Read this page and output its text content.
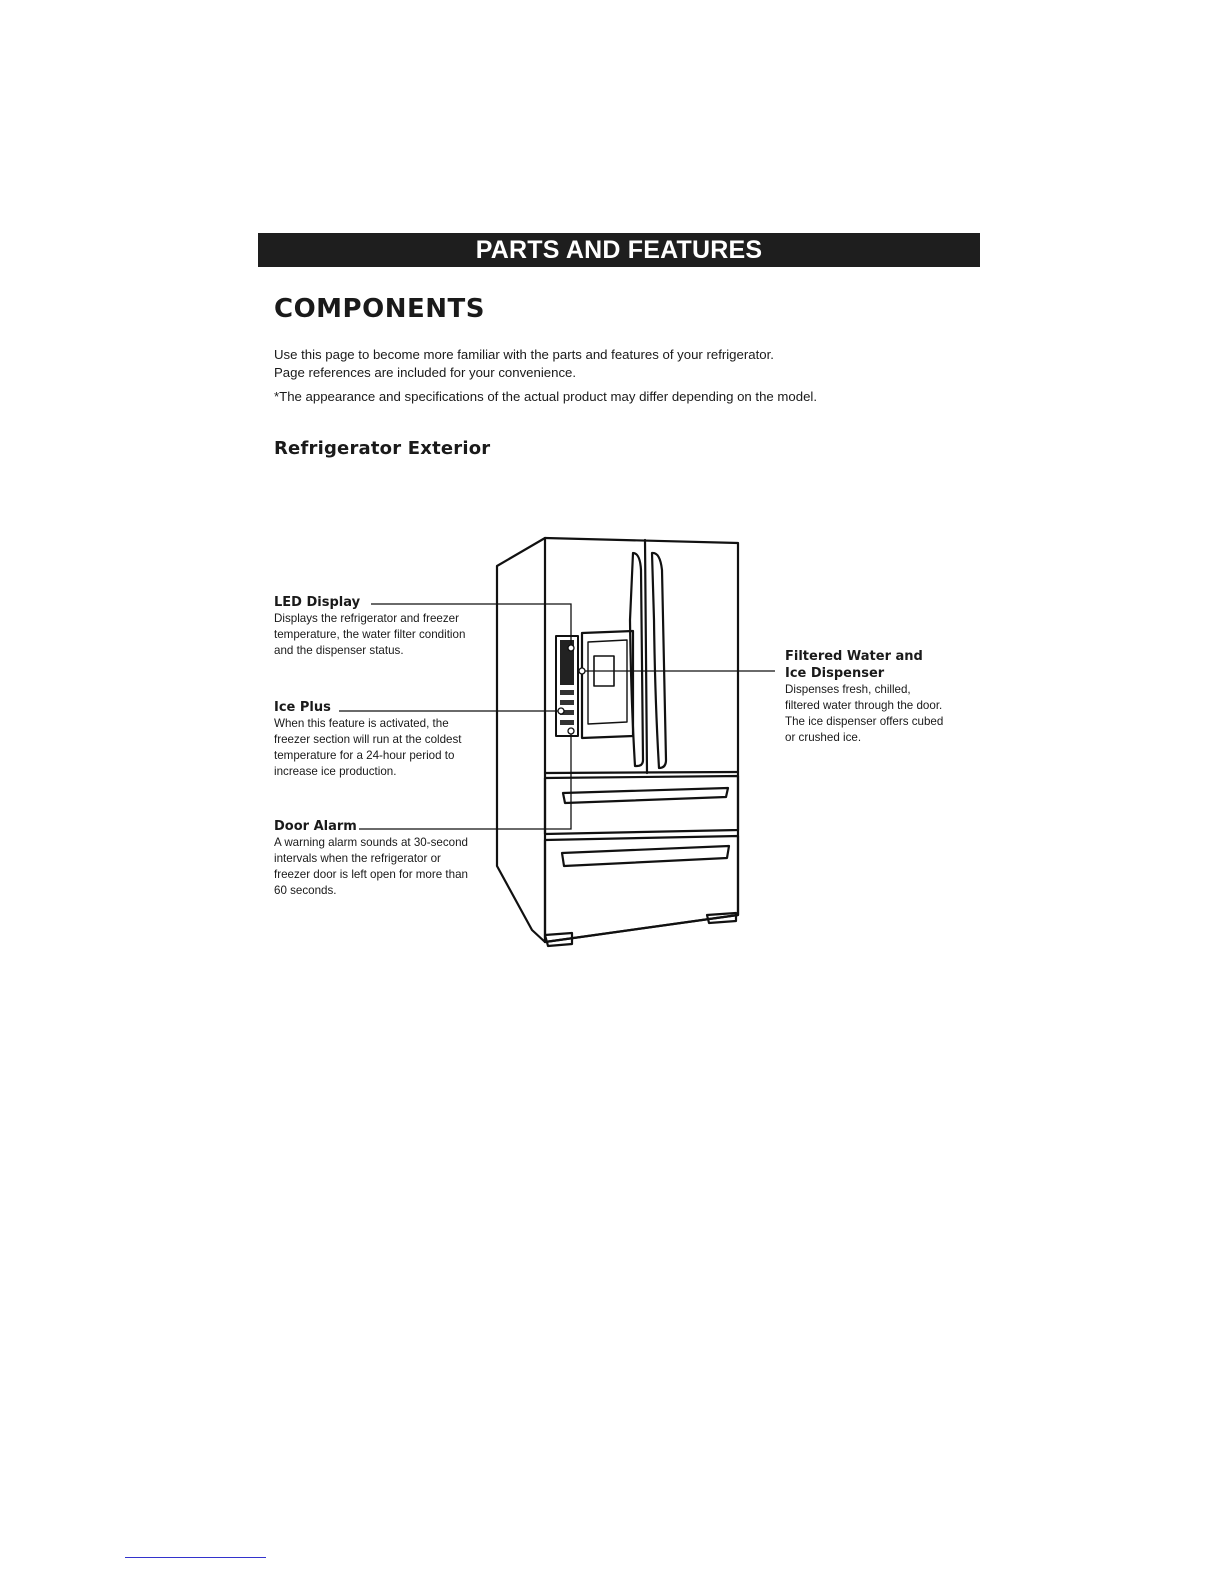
PARTS AND FEATURES
COMPONENTS

Use this page to become more familiar with the parts and features of your refrigerator.

Page references are included for your convenience.

*The appearance and specifications of the actual product may differ depending on the model.

Refrigerator Exterior
LED Display
Displays the refrigerator and freezer temperature, the water filter condition and the dispenser status.
Ice Plus
When this feature is activated, the freezer section will run at the coldest temperature for a 24-hour period to increase ice production.
Door Alarm
A warning alarm sounds at 30-second intervals when the refrigerator or freezer door is left open for more than 60 seconds.
Filtered Water and Ice Dispenser
Dispenses fresh, chilled, filtered water through the door. The ice dispenser offers cubed or crushed ice.
